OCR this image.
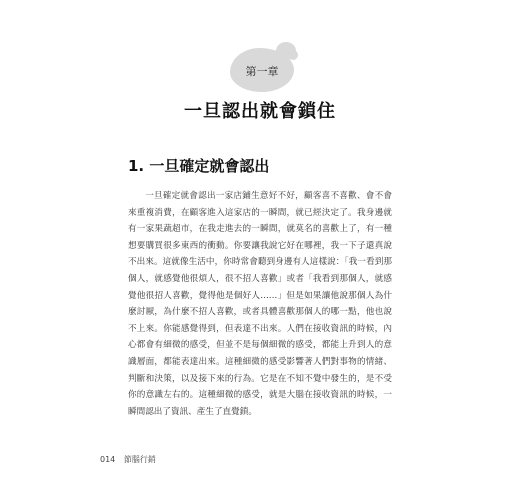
第一章
一旦認出就會鎖住
1. 一旦確定就會認出

一旦確定就會認出一家店鋪生意好不好，顧客喜不喜歡、會不會來重複消費，在顧客進入這家店的一瞬間，就已經決定了。我身邊就有一家果蔬超市，在我走進去的一瞬間，就莫名的喜歡上了，有一種想要購買很多東西的衝動。你要讓我說它好在哪裡，我一下子還真說不出來。這就像生活中，你時常會聽到身邊有人這樣說：「我一看到那個人，就感覺他很煩人，很不招人喜歡」或者「我看到那個人，就感覺他很招人喜歡，覺得他是個好人……」但是如果讓他說那個人為什麼討厭，為什麼不招人喜歡，或者具體喜歡那個人的哪一點，他也說不上來。你能感覺得到，但表達不出來。人們在接收資訊的時候，內心都會有細微的感受，但並不是每個細微的感受，都能上升到人的意識層面，都能表達出來。這種細微的感受影響著人們對事物的情緒、判斷和決策，以及接下來的行為。它是在不知不覺中發生的，是不受你的意識左右的。這種細微的感受，就是大腦在接收資訊的時候，一瞬間認出了資訊、產生了直覺鎖。

014 節腦行銷
